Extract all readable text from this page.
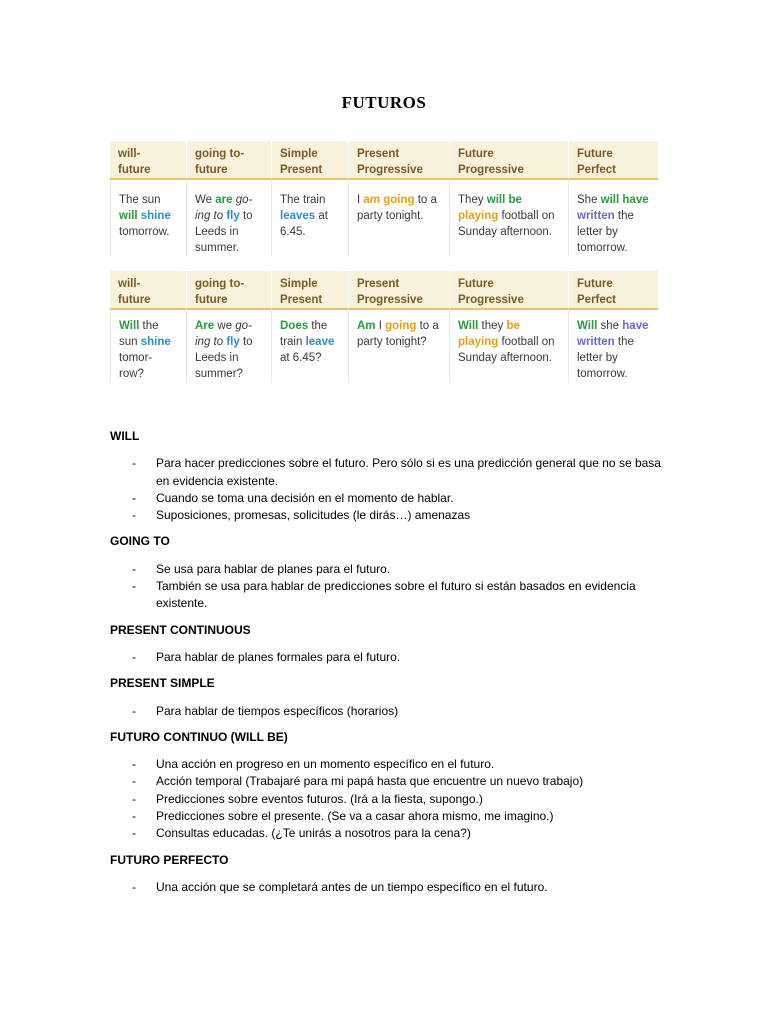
FUTUROS
will-
future
going to-
future
Simple
Present
Present
Progressive
Future
Progressive
Future
Perfect
The sun will shine tomorrow.
We are go-
ing to fly to Leeds in summer.
The train leaves at 6.45.
I am going to a party tonight.
They will be playing football on Sunday afternoon.
She will have written the letter by tomorrow.
will-
future
going to-
future
Simple
Present
Present
Progressive
Future
Progressive
Future
Perfect
Will the sun shine tomor-
row?
Are we go-
ing to fly to Leeds in summer?
Does the train leave at 6.45?
Am I going to a party tonight?
Will they be playing football on Sunday afternoon.
Will she have written the letter by tomorrow.

WILL

- Para hacer predicciones sobre el futuro. Pero sólo si es una predicción general que no se basa en evidencia existente.
- Cuando se toma una decisión en el momento de hablar.
- Suposiciones, promesas, solicitudes (le dirás…) amenazas

GOING TO

- Se usa para hablar de planes para el futuro.
- También se usa para hablar de predicciones sobre el futuro si están basados en evidencia existente.

PRESENT CONTINUOUS

- Para hablar de planes formales para el futuro.

PRESENT SIMPLE

- Para hablar de tiempos específicos (horarios)

FUTURO CONTINUO (WILL BE)

- Una acción en progreso en un momento específico en el futuro.
- Acción temporal (Trabajaré para mi papá hasta que encuentre un nuevo trabajo)
- Predicciones sobre eventos futuros. (Irá a la fiesta, supongo.)
- Predicciones sobre el presente. (Se va a casar ahora mismo, me imagino.)
- Consultas educadas. (¿Te unirás a nosotros para la cena?)

FUTURO PERFECTO

- Una acción que se completará antes de un tiempo específico en el futuro.
